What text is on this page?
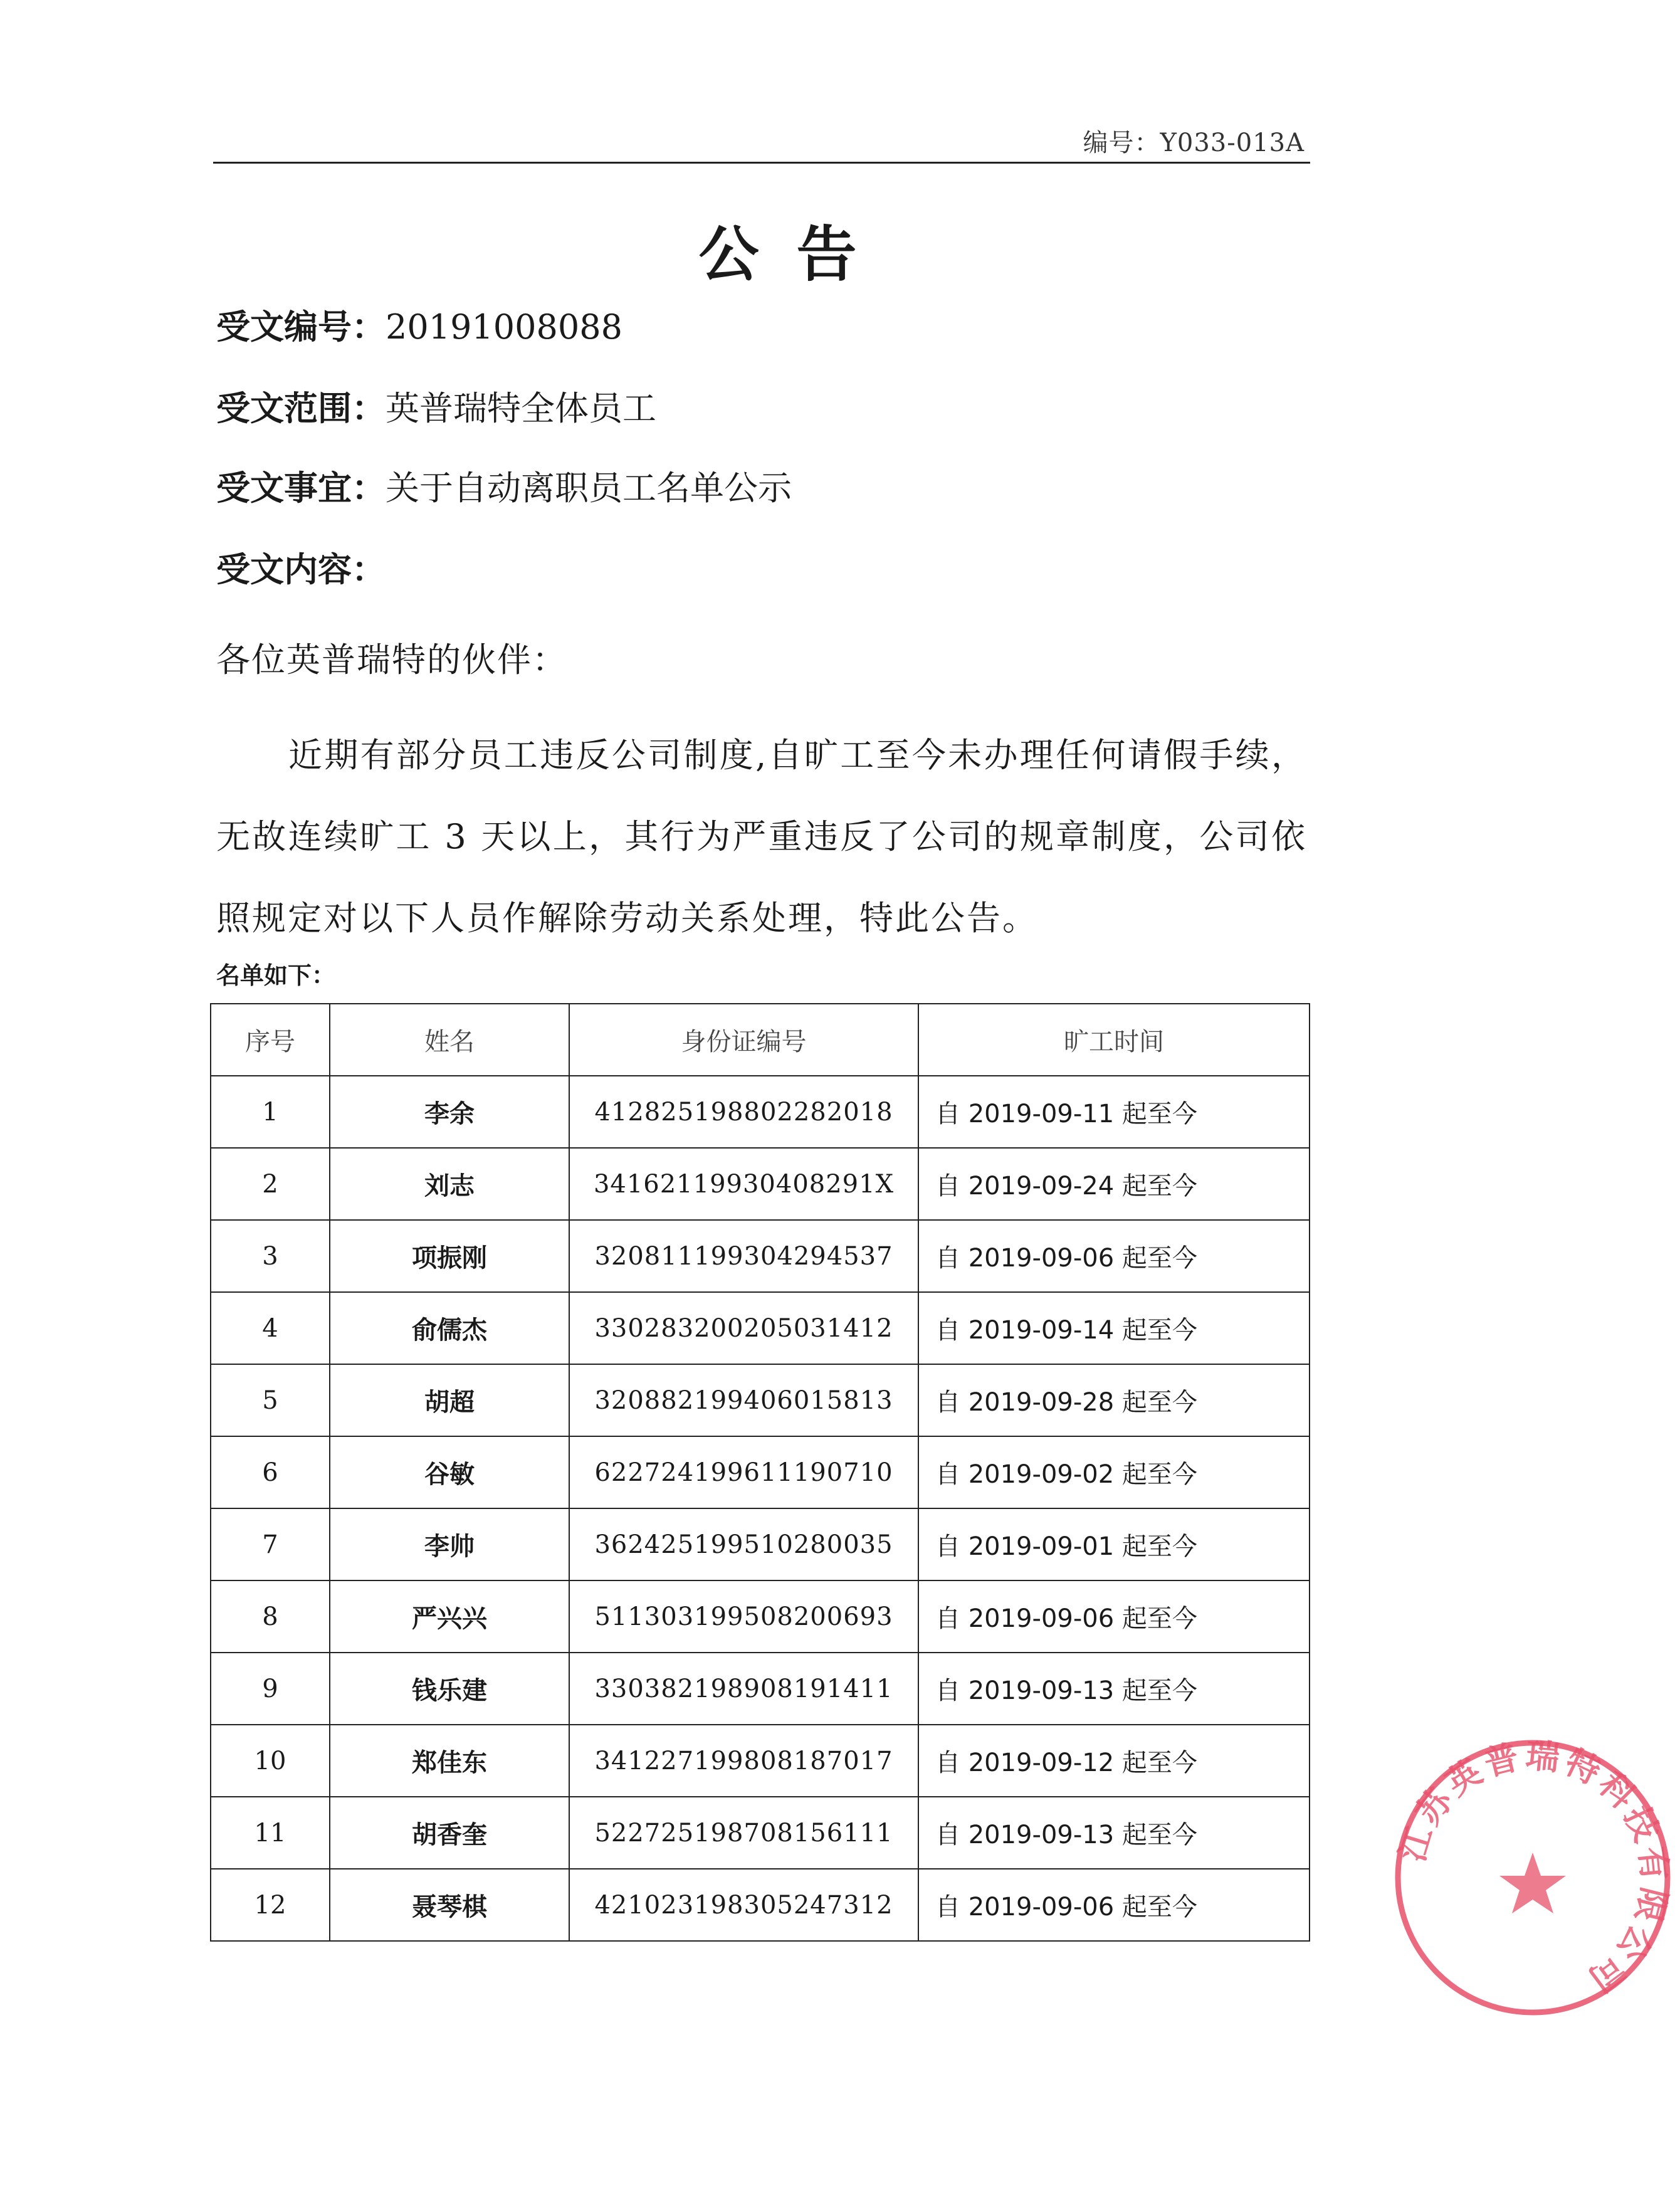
编号：Y033-013A
公告
受文编号：20191008088
受文范围：英普瑞特全体员工
受文事宜：关于自动离职员工名单公示
受文内容：
各位英普瑞特的伙伴：
近期有部分员工违反公司制度,自旷工至今未办理任何请假手续，无故连续旷工 3 天以上，其行为严重违反了公司的规章制度，公司依照规定对以下人员作解除劳动关系处理，特此公告。
名单如下：
序号	姓名	身份证编号	旷工时间
1	李余	412825198802282018	自 2019-09-11 起至今
2	刘志	34162119930408291X	自 2019-09-24 起至今
3	项振刚	320811199304294537	自 2019-09-06 起至今
4	俞儒杰	330283200205031412	自 2019-09-14 起至今
5	胡超	320882199406015813	自 2019-09-28 起至今
6	谷敏	622724199611190710	自 2019-09-02 起至今
7	李帅	362425199510280035	自 2019-09-01 起至今
8	严兴兴	511303199508200693	自 2019-09-06 起至今
9	钱乐建	330382198908191411	自 2019-09-13 起至今
10	郑佳东	341227199808187017	自 2019-09-12 起至今
11	胡香奎	522725198708156111	自 2019-09-13 起至今
12	聂琴棋	421023198305247312	自 2019-09-06 起至今
江苏英普瑞特科技有限公司
